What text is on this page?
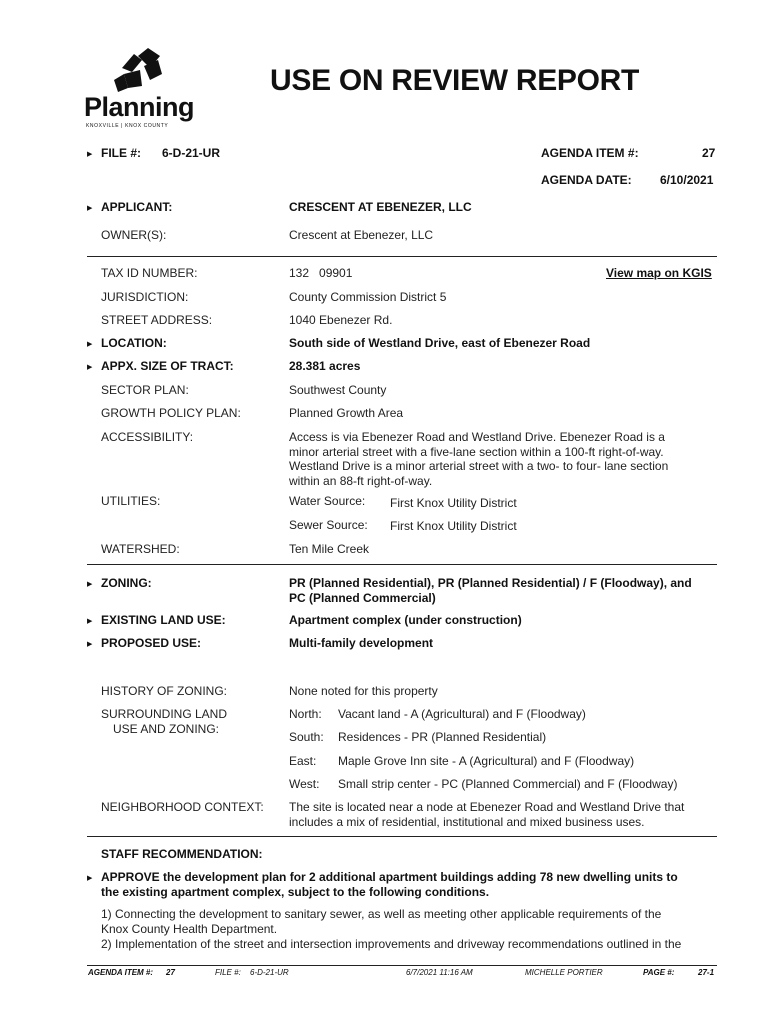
Planning
KNOXVILLE | KNOX COUNTY
USE ON REVIEW REPORT
▶ FILE #: 6-D-21-UR	AGENDA ITEM #:	27
AGENDA DATE: 6/10/2021
▶ APPLICANT:	CRESCENT AT EBENEZER, LLC
OWNER(S):	Crescent at Ebenezer, LLC
TAX ID NUMBER:	132   09901	View map on KGIS
JURISDICTION:	County Commission District 5
STREET ADDRESS:	1040 Ebenezer Rd.
▶ LOCATION:	South side of Westland Drive, east of Ebenezer Road
▶ APPX. SIZE OF TRACT:	28.381 acres
SECTOR PLAN:	Southwest County
GROWTH POLICY PLAN:	Planned Growth Area
ACCESSIBILITY:	Access is via Ebenezer Road and Westland Drive. Ebenezer Road is a
minor arterial street with a five-lane section within a 100-ft right-of-way.
Westland Drive is a minor arterial street with a two- to four- lane section
within an 88-ft right-of-way.
UTILITIES:	Water Source: First Knox Utility District
Sewer Source: First Knox Utility District
WATERSHED:	Ten Mile Creek
▶ ZONING:	PR (Planned Residential), PR (Planned Residential) / F (Floodway), and
PC (Planned Commercial)
▶ EXISTING LAND USE:	Apartment complex (under construction)
▶ PROPOSED USE:	Multi-family development
HISTORY OF ZONING:	None noted for this property
SURROUNDING LAND
USE AND ZONING:
North: Vacant land - A (Agricultural) and F (Floodway)
South: Residences - PR (Planned Residential)
East: Maple Grove Inn site - A (Agricultural) and F (Floodway)
West: Small strip center - PC (Planned Commercial) and F (Floodway)
NEIGHBORHOOD CONTEXT: The site is located near a node at Ebenezer Road and Westland Drive that
includes a mix of residential, institutional and mixed business uses.
STAFF RECOMMENDATION:
▶ APPROVE the development plan for 2 additional apartment buildings adding 78 new dwelling units to
the existing apartment complex, subject to the following conditions.
1) Connecting the development to sanitary sewer, as well as meeting other applicable requirements of the
Knox County Health Department.
2) Implementation of the street and intersection improvements and driveway recommendations outlined in the
AGENDA ITEM #: 27	FILE #: 6-D-21-UR	6/7/2021 11:16 AM	MICHELLE PORTIER	PAGE #:	27-1
